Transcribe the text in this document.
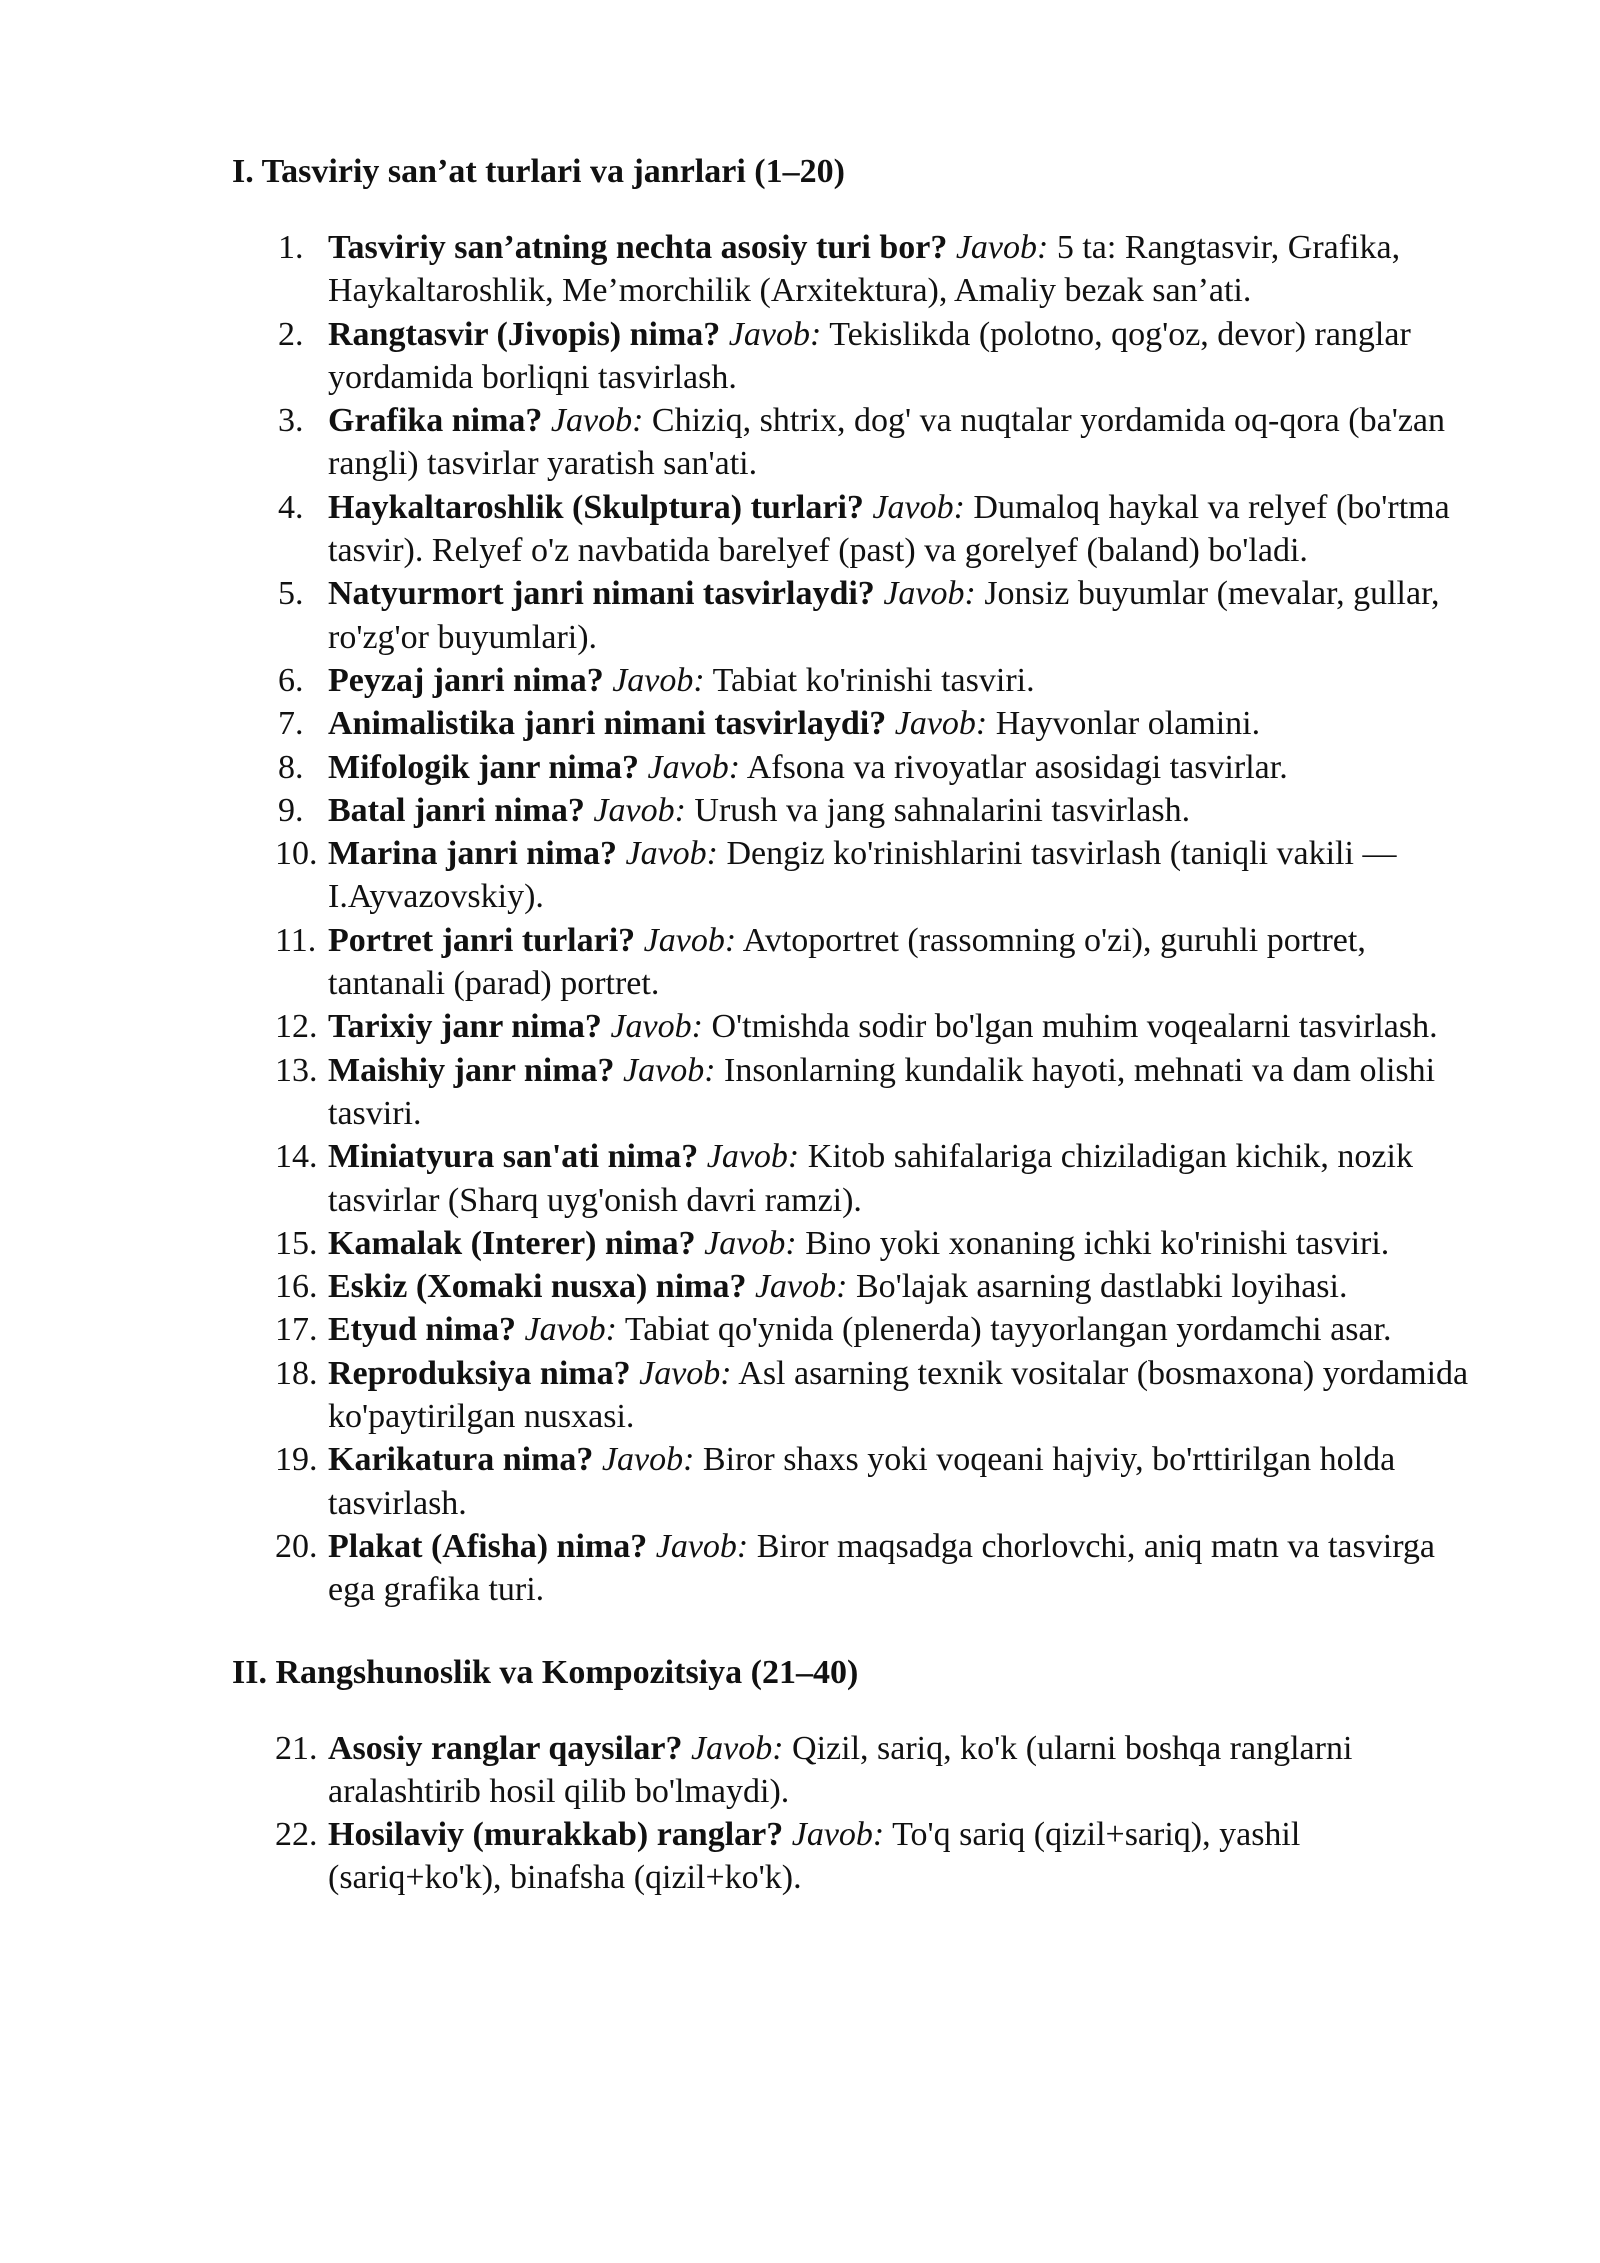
I. Tasviriy san’at turlari va janrlari (1–20)
1. Tasviriy san’atning nechta asosiy turi bor? Javob: 5 ta: Rangtasvir, Grafika, Haykaltaroshlik, Me’morchilik (Arxitektura), Amaliy bezak san’ati.
2. Rangtasvir (Jivopis) nima? Javob: Tekislikda (polotno, qog'oz, devor) ranglar yordamida borliqni tasvirlash.
3. Grafika nima? Javob: Chiziq, shtrix, dog' va nuqtalar yordamida oq-qora (ba'zan rangli) tasvirlar yaratish san'ati.
4. Haykaltaroshlik (Skulptura) turlari? Javob: Dumaloq haykal va relyef (bo'rtma tasvir). Relyef o'z navbatida barelyef (past) va gorelyef (baland) bo'ladi.
5. Natyurmort janri nimani tasvirlaydi? Javob: Jonsiz buyumlar (mevalar, gullar, ro'zg'or buyumlari).
6. Peyzaj janri nima? Javob: Tabiat ko'rinishi tasviri.
7. Animalistika janri nimani tasvirlaydi? Javob: Hayvonlar olamini.
8. Mifologik janr nima? Javob: Afsona va rivoyatlar asosidagi tasvirlar.
9. Batal janri nima? Javob: Urush va jang sahnalarini tasvirlash.
10. Marina janri nima? Javob: Dengiz ko'rinishlarini tasvirlash (taniqli vakili — I.Ayvazovskiy).
11. Portret janri turlari? Javob: Avtoportret (rassomning o'zi), guruhli portret, tantanali (parad) portret.
12. Tarixiy janr nima? Javob: O'tmishda sodir bo'lgan muhim voqealarni tasvirlash.
13. Maishiy janr nima? Javob: Insonlarning kundalik hayoti, mehnati va dam olishi tasviri.
14. Miniatyura san'ati nima? Javob: Kitob sahifalariga chiziladigan kichik, nozik tasvirlar (Sharq uyg'onish davri ramzi).
15. Kamalak (Interer) nima? Javob: Bino yoki xonaning ichki ko'rinishi tasviri.
16. Eskiz (Xomaki nusxa) nima? Javob: Bo'lajak asarning dastlabki loyihasi.
17. Etyud nima? Javob: Tabiat qo'ynida (plenerda) tayyorlangan yordamchi asar.
18. Reproduksiya nima? Javob: Asl asarning texnik vositalar (bosmaxona) yordamida ko'paytirilgan nusxasi.
19. Karikatura nima? Javob: Biror shaxs yoki voqeani hajviy, bo'rttirilgan holda tasvirlash.
20. Plakat (Afisha) nima? Javob: Biror maqsadga chorlovchi, aniq matn va tasvirga ega grafika turi.
II. Rangshunoslik va Kompozitsiya (21–40)
21. Asosiy ranglar qaysilar? Javob: Qizil, sariq, ko'k (ularni boshqa ranglarni aralashtirib hosil qilib bo'lmaydi).
22. Hosilaviy (murakkab) ranglar? Javob: To'q sariq (qizil+sariq), yashil (sariq+ko'k), binafsha (qizil+ko'k).
